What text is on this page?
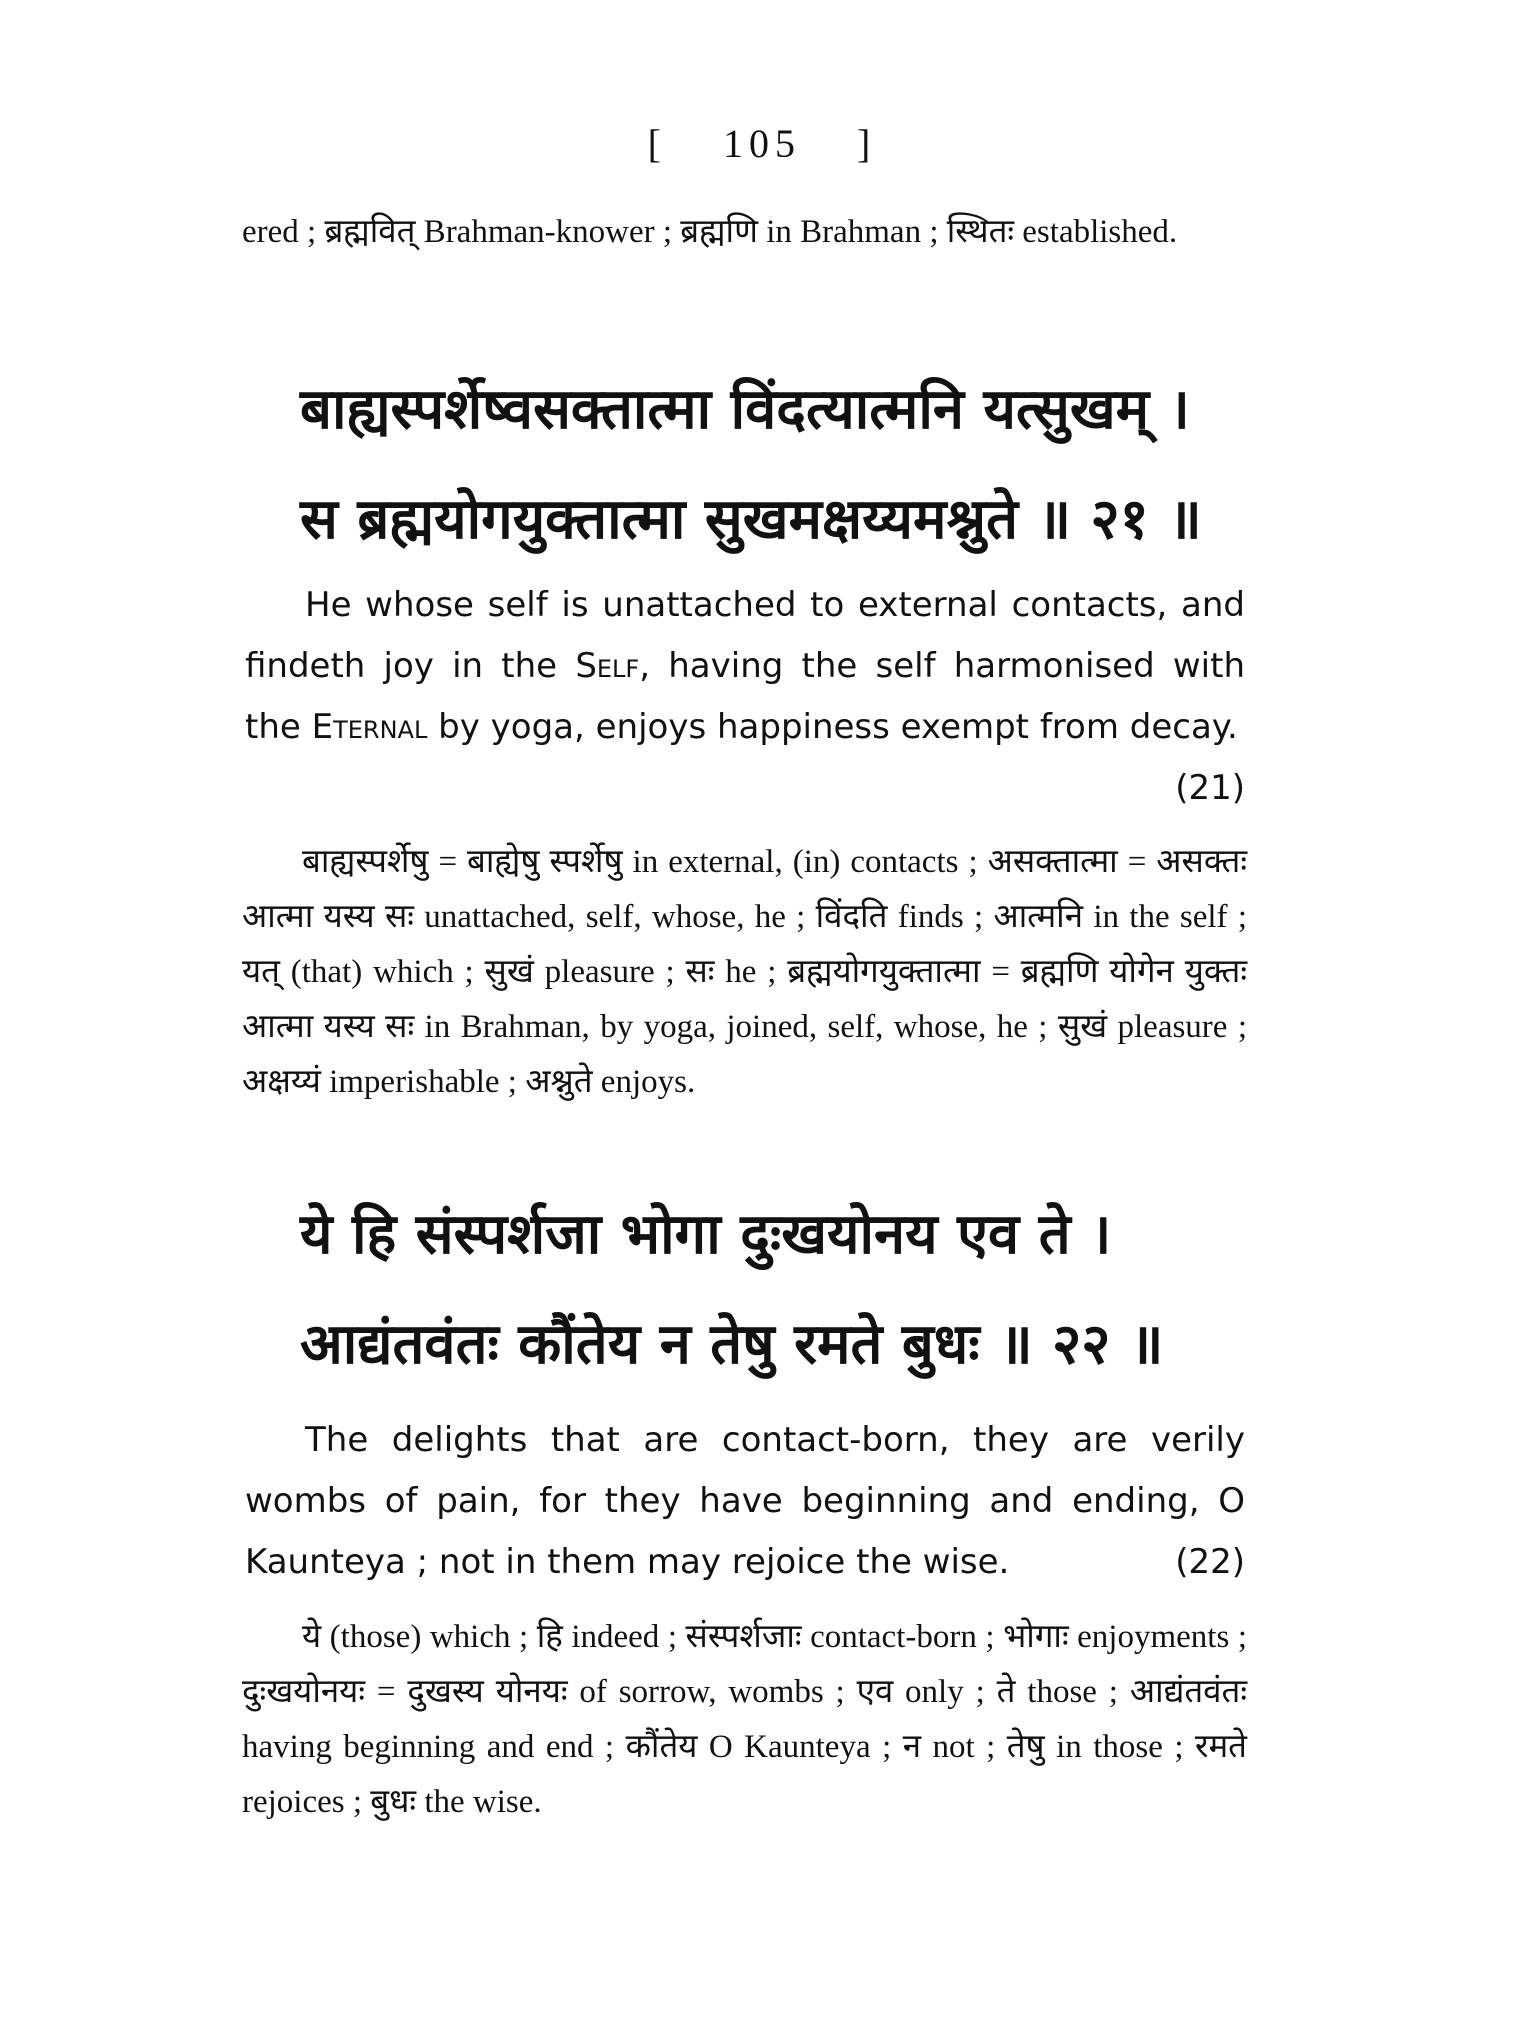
[ 105 ]
ered ; ब्रह्मवित् Brahman-knower ; ब्रह्मणि in Brahman ; स्थितः established.
बाह्यस्पर्शेष्वसक्तात्मा विंदत्यात्मनि यत्सुखम् ।
स ब्रह्मयोगयुक्तात्मा सुखमक्षय्यमश्नुते ॥ २१ ॥
He whose self is unattached to external contacts, and findeth joy in the Self, having the self harmonised with the Eternal by yoga, enjoys happiness exempt from decay.
(21)
बाह्यस्पर्शेषु = बाह्येषु स्पर्शेषु in external, (in) contacts ; असक्तात्मा = असक्तः आत्मा यस्य सः unattached, self, whose, he ; विंदति finds ; आत्मनि in the self ; यत् (that) which ; सुखं pleasure ; सः he ; ब्रह्मयोगयुक्तात्मा = ब्रह्मणि योगेन युक्तः आत्मा यस्य सः in Brahman, by yoga, joined, self, whose, he ; सुखं pleasure ; अक्षय्यं imperishable ; अश्नुते enjoys.
ये हि संस्पर्शजा भोगा दुःखयोनय एव ते ।
आद्यंतवंतः कौंतेय न तेषु रमते बुधः ॥ २२ ॥
The delights that are contact-born, they are verily wombs of pain, for they have beginning and ending, O Kaunteya ; not in them may rejoice the wise.	(22)
ये (those) which ; हि indeed ; संस्पर्शजाः contact-born ; भोगाः enjoyments ; दुःखयोनयः = दुखस्य योनयः of sorrow, wombs ; एव only ; ते those ; आद्यंतवंतः having beginning and end ; कौंतेय O Kaunteya ; न not ; तेषु in those ; रमते rejoices ; बुधः the wise.
